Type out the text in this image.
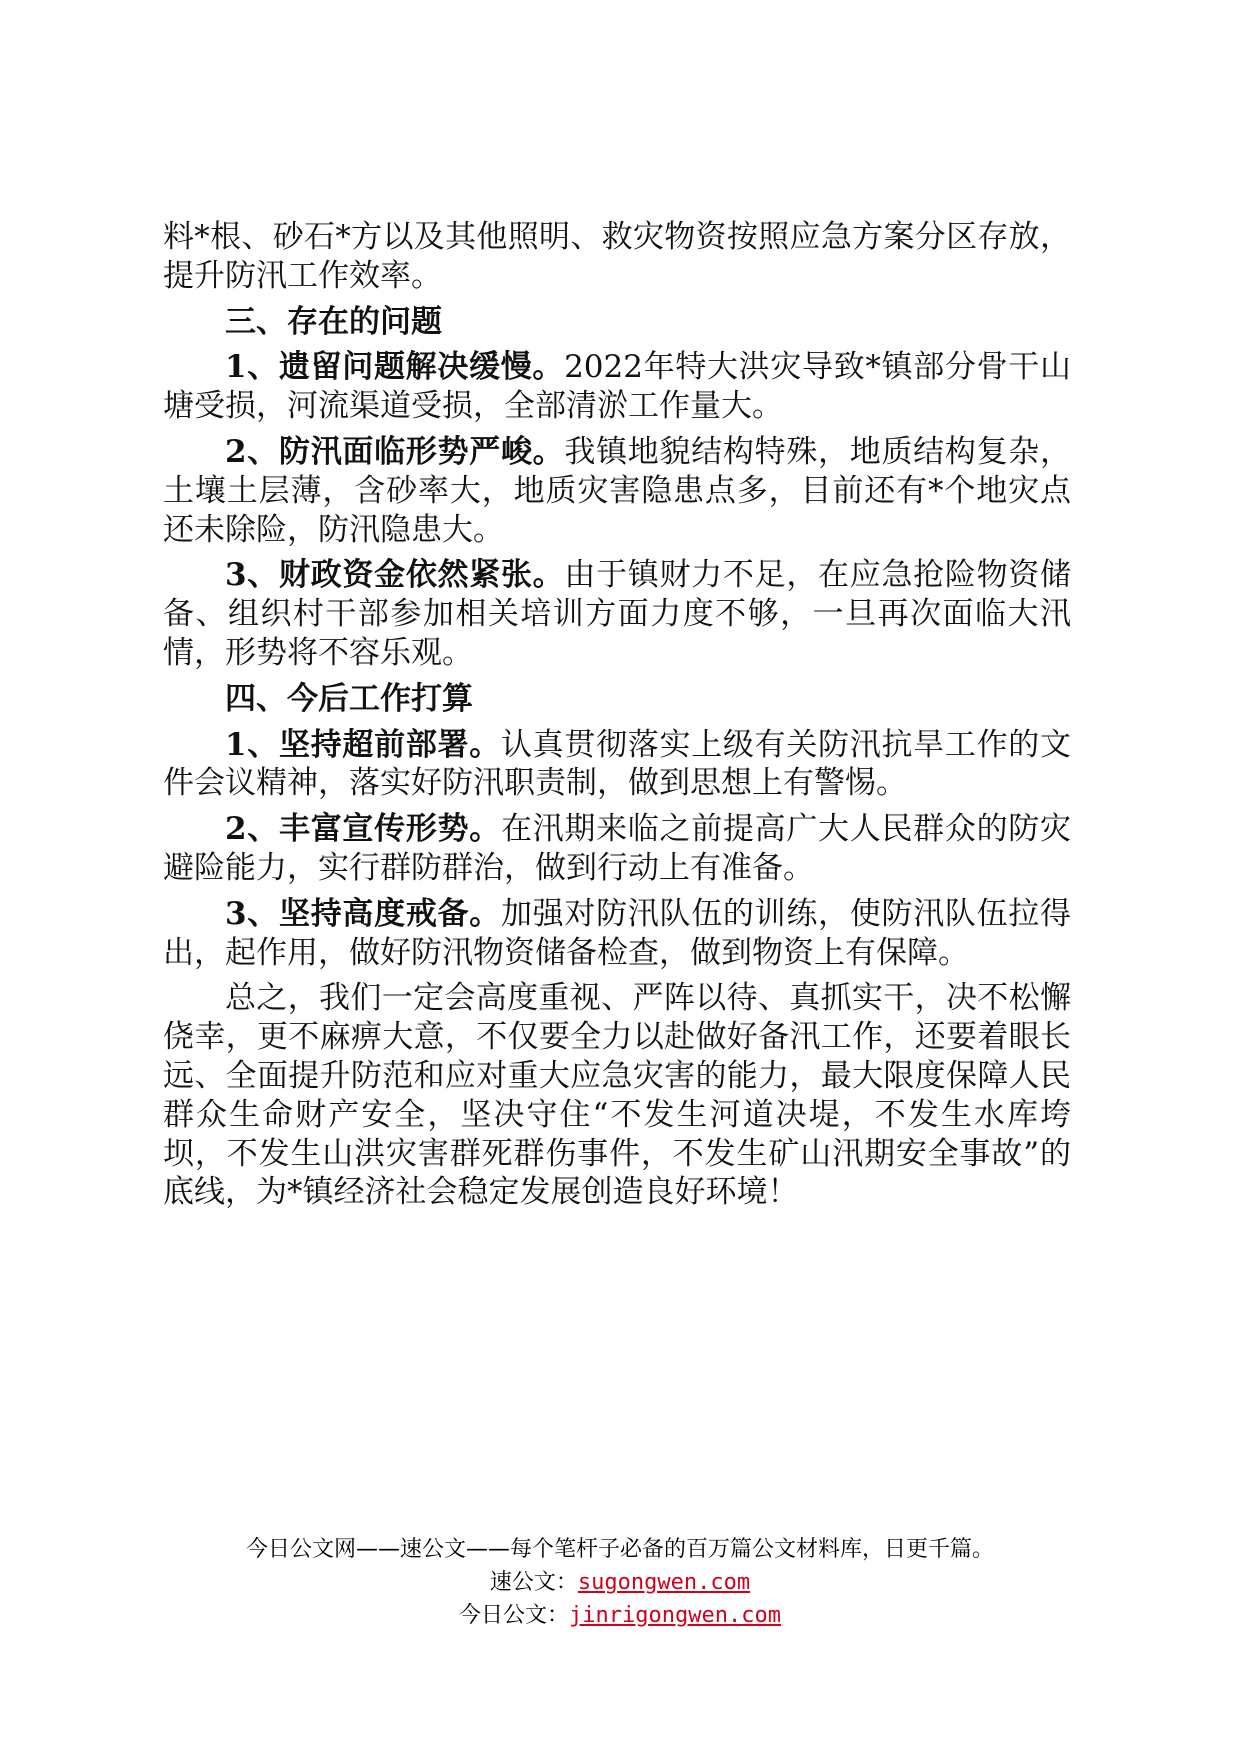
料*根、砂石*方以及其他照明、救灾物资按照应急方案分区存放，提升防汛工作效率。

三、存在的问题

1、遗留问题解决缓慢。2022年特大洪灾导致*镇部分骨干山塘受损，河流渠道受损，全部清淤工作量大。

2、防汛面临形势严峻。我镇地貌结构特殊，地质结构复杂，土壤土层薄，含砂率大，地质灾害隐患点多，目前还有*个地灾点还未除险，防汛隐患大。

3、财政资金依然紧张。由于镇财力不足，在应急抢险物资储备、组织村干部参加相关培训方面力度不够，一旦再次面临大汛情，形势将不容乐观。

四、今后工作打算

1、坚持超前部署。认真贯彻落实上级有关防汛抗旱工作的文件会议精神，落实好防汛职责制，做到思想上有警惕。

2、丰富宣传形势。在汛期来临之前提高广大人民群众的防灾避险能力，实行群防群治，做到行动上有准备。

3、坚持高度戒备。加强对防汛队伍的训练，使防汛队伍拉得出，起作用，做好防汛物资储备检查，做到物资上有保障。

总之，我们一定会高度重视、严阵以待、真抓实干，决不松懈侥幸，更不麻痹大意，不仅要全力以赴做好备汛工作，还要着眼长远、全面提升防范和应对重大应急灾害的能力，最大限度保障人民群众生命财产安全，坚决守住“不发生河道决堤，不发生水库垮坝，不发生山洪灾害群死群伤事件，不发生矿山汛期安全事故”的底线，为*镇经济社会稳定发展创造良好环境！

今日公文网——速公文——每个笔杆子必备的百万篇公文材料库，日更千篇。
速公文：sugongwen.com
今日公文：jinrigongwen.com
